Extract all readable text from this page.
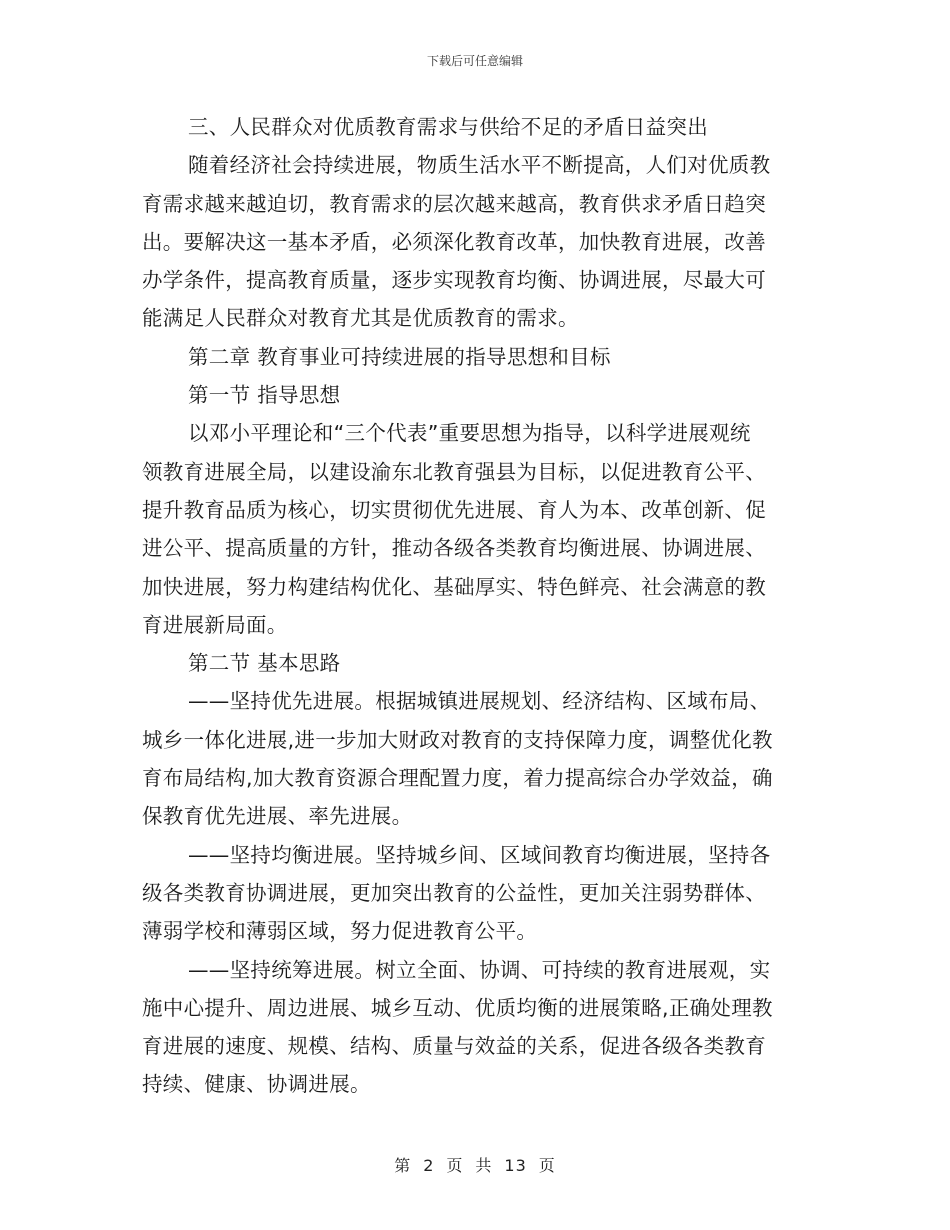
下载后可任意编辑

三、人民群众对优质教育需求与供给不足的矛盾日益突出

随着经济社会持续进展，物质生活水平不断提高，人们对优质教

育需求越来越迫切，教育需求的层次越来越高，教育供求矛盾日趋突

出。要解决这一基本矛盾，必须深化教育改革，加快教育进展，改善

办学条件，提高教育质量，逐步实现教育均衡、协调进展，尽最大可

能满足人民群众对教育尤其是优质教育的需求。

第二章 教育事业可持续进展的指导思想和目标

第一节 指导思想

以邓小平理论和“三个代表”重要思想为指导，以科学进展观统

领教育进展全局，以建设渝东北教育强县为目标，以促进教育公平、

提升教育品质为核心，切实贯彻优先进展、育人为本、改革创新、促

进公平、提高质量的方针，推动各级各类教育均衡进展、协调进展、

加快进展，努力构建结构优化、基础厚实、特色鲜亮、社会满意的教

育进展新局面。

第二节 基本思路

——坚持优先进展。根据城镇进展规划、经济结构、区域布局、

城乡一体化进展,进一步加大财政对教育的支持保障力度，调整优化教

育布局结构,加大教育资源合理配置力度，着力提高综合办学效益，确

保教育优先进展、率先进展。

——坚持均衡进展。坚持城乡间、区域间教育均衡进展，坚持各

级各类教育协调进展，更加突出教育的公益性，更加关注弱势群体、

薄弱学校和薄弱区域，努力促进教育公平。

——坚持统筹进展。树立全面、协调、可持续的教育进展观，实

施中心提升、周边进展、城乡互动、优质均衡的进展策略,正确处理教

育进展的速度、规模、结构、质量与效益的关系，促进各级各类教育

持续、健康、协调进展。

第 2 页 共 13 页
